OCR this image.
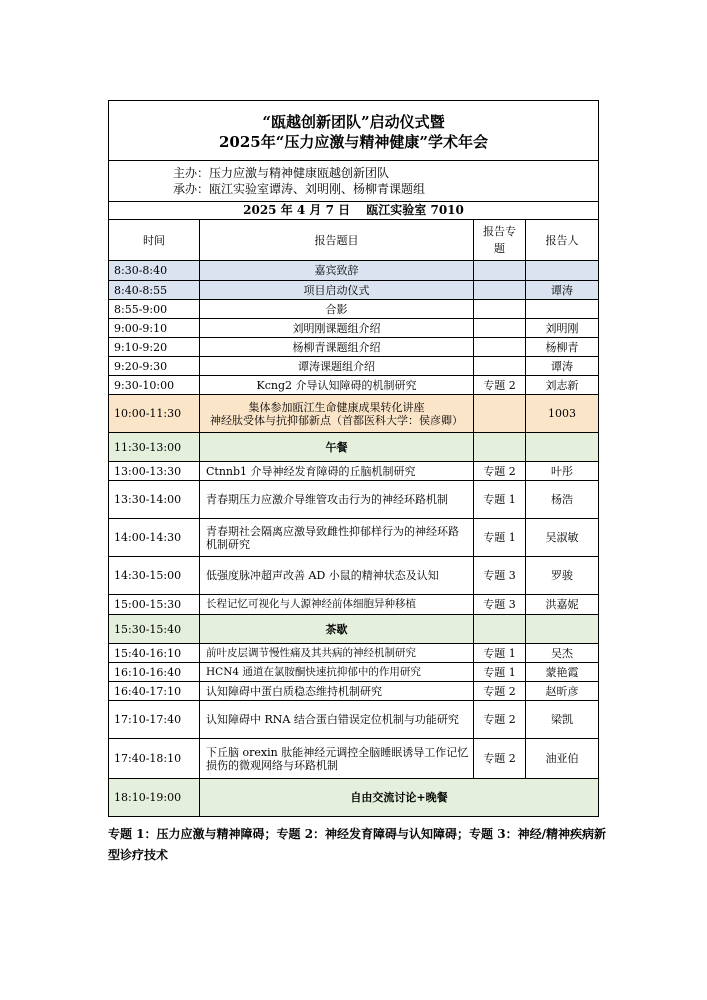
“瓯越创新团队”启动仪式暨
2025年“压力应激与精神健康”学术年会			

主办：压力应激与精神健康瓯越创新团队
承办：瓯江实验室谭涛、刘明刚、杨柳青课题组			

2025 年 4 月 7 日　 瓯江实验室 7010			
时间	报告题目	报告专题	报告人
8:30-8:40	嘉宾致辞		
8:40-8:55	项目启动仪式		谭涛
8:55-9:00	合影		
9:00-9:10	刘明刚课题组介绍		刘明刚
9:10-9:20	杨柳青课题组介绍		杨柳青
9:20-9:30	谭涛课题组介绍		谭涛
9:30-10:00	Kcng2 介导认知障碍的机制研究	专题 2	刘志新
10:00-11:30	集体参加瓯江生命健康成果转化讲座
神经肽受体与抗抑郁新点（首都医科大学：侯彦卿）		1003
11:30-13:00	午餐		
13:00-13:30	Ctnnb1 介导神经发育障碍的丘脑机制研究	专题 2	叶彤
13:30-14:00	青春期压力应激介导维管攻击行为的神经环路机制	专题 1	杨浩
14:00-14:30	青春期社会隔离应激导致雌性抑郁样行为的神经环路机制研究	专题 1	吴淑敏
14:30-15:00	低强度脉冲超声改善 AD 小鼠的精神状态及认知	专题 3	罗骏
15:00-15:30	长程记忆可视化与人源神经前体细胞异种移植	专题 3	洪嘉妮
15:30-15:40	茶歇		
15:40-16:10	前叶皮层调节慢性痛及其共病的神经机制研究	专题 1	吴杰
16:10-16:40	HCN4 通道在氯胺酮快速抗抑郁中的作用研究	专题 1	蒙艳霞
16:40-17:10	认知障碍中蛋白质稳态维持机制研究	专题 2	赵昕彦
17:10-17:40	认知障碍中 RNA 结合蛋白错误定位机制与功能研究	专题 2	梁凯
17:40-18:10	下丘脑 orexin 肽能神经元调控全脑睡眠诱导工作记忆损伤的微观网络与环路机制	专题 2	油亚伯
18:10-19:00	自由交流讨论+晚餐		
专题 1：压力应激与精神障碍；专题 2：神经发育障碍与认知障碍；专题 3：神经/精神疾病新型诊疗技术
